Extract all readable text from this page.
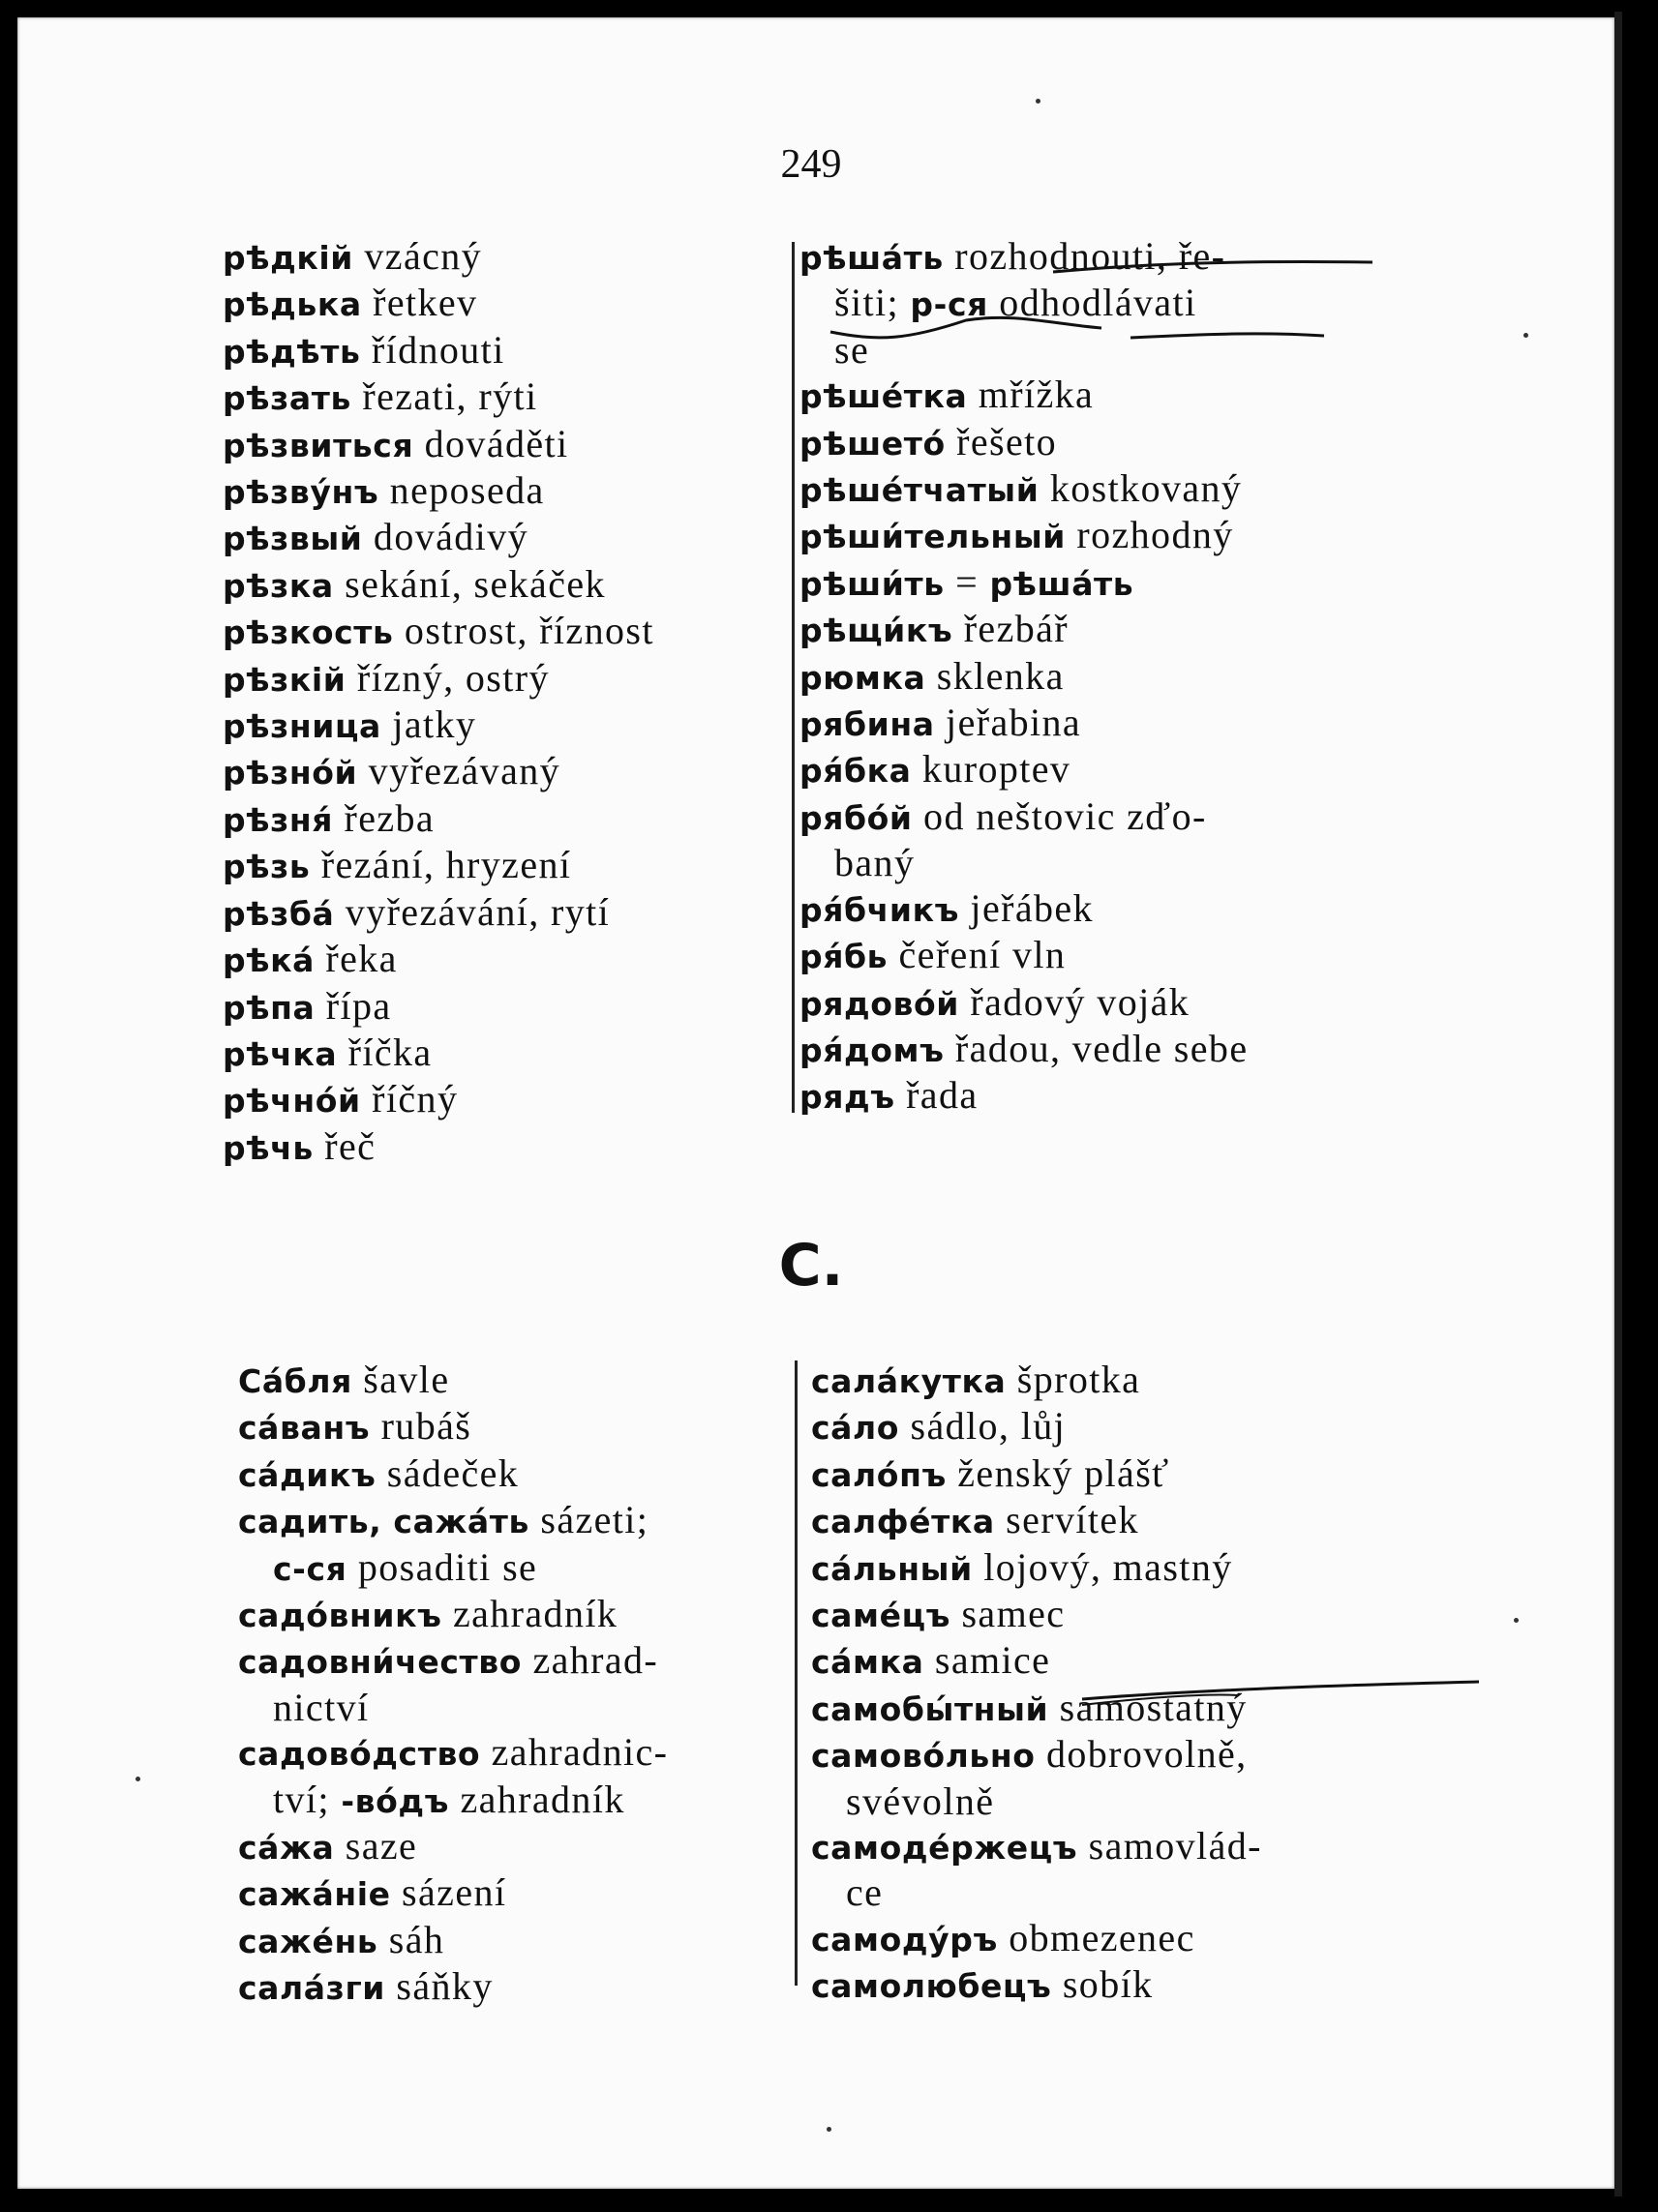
249
рѣдкій vzácný
рѣдька řetkev
рѣдѣть řídnouti
рѣзать řezati, rýti
рѣзвиться dováděti
рѣзвýнъ neposeda
рѣзвый dovádivý
рѣзка sekání, sekáček
рѣзкость ostrost, říznost
рѣзкій řízný, ostrý
рѣзница jatky
рѣзнóй vyřezávaný
рѣзня́ řezba
рѣзь řezání, hryzení
рѣзбá vyřezávání, rytí
рѣкá řeka
рѣпа řípa
рѣчка říčka
рѣчнóй říčný
рѣчь řeč
рѣшáть rozhodnouti, ře-
šiti; р-ся odhodlávati
se
рѣшéтка mřížka
рѣшетó řešeto
рѣшéтчатый kostkovaný
рѣши́тельный rozhodný
рѣши́ть = рѣшáть
рѣщи́къ řezbář
рюмка sklenka
рябина jeřabina
ря́бка kuroptev
рябóй od neštovic zďo-
baný
ря́бчикъ jeřábek
ря́бь čeření vln
рядовóй řadový voják
ря́домъ řadou, vedle sebe
рядъ řada
С.
Сáбля šavle
сáванъ rubáš
сáдикъ sádeček
садить, сажáть sázeti;
с-ся posaditi se
садóвникъ zahradník
садовни́чество zahrad-
nictví
садовóдство zahradnic-
tví; -вóдъ zahradník
сáжа saze
сажáніе sázení
сажéнь sáh
салáзги sáňky
салáкутка šprotka
сáло sádlo, lůj
салóпъ ženský plášť
салфéтка servítek
сáльный lojový, mastný
самéцъ samec
сáмка samice
самобы́тный samostatný
самовóльно dobrovolně,
svévolně
самодéржецъ samovlád-
ce
самодýръ obmezenec
самолюбецъ sobík
